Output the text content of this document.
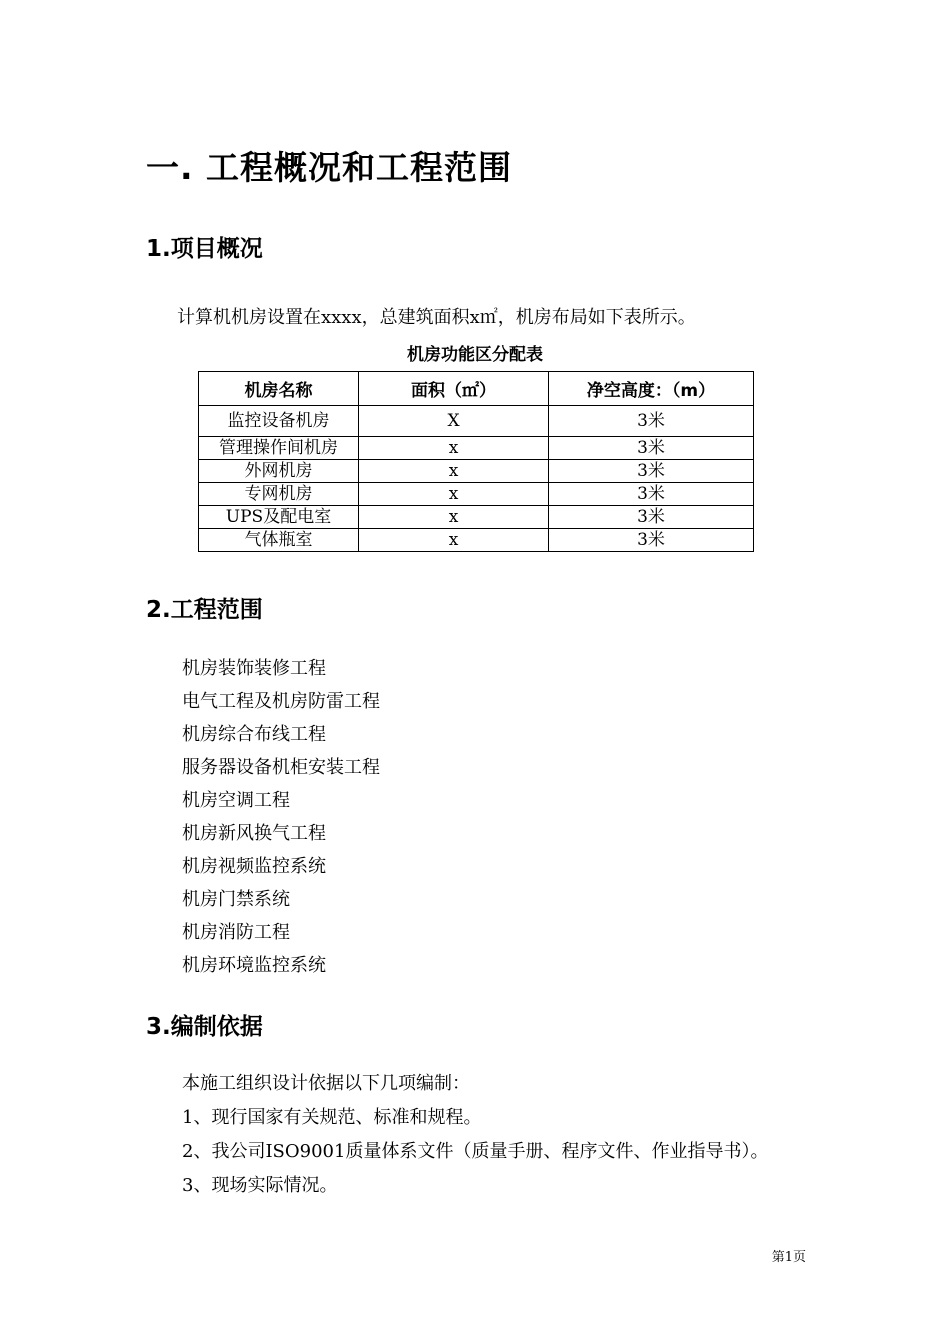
一. 工程概况和工程范围
1.项目概况
计算机机房设置在xxxx，总建筑面积x㎡，机房布局如下表所示。
机房功能区分配表
机房名称	面积（㎡）	净空高度：（m）
监控设备机房	X	3米
管理操作间机房	x	3米
外网机房	x	3米
专网机房	x	3米
UPS及配电室	x	3米
气体瓶室	x	3米
2.工程范围
机房装饰装修工程
电气工程及机房防雷工程
机房综合布线工程
服务器设备机柜安装工程
机房空调工程
机房新风换气工程
机房视频监控系统
机房门禁系统
机房消防工程
机房环境监控系统
3.编制依据
本施工组织设计依据以下几项编制：
1、现行国家有关规范、标准和规程。
2、我公司ISO9001质量体系文件（质量手册、程序文件、作业指导书）。
3、现场实际情况。
第1页
